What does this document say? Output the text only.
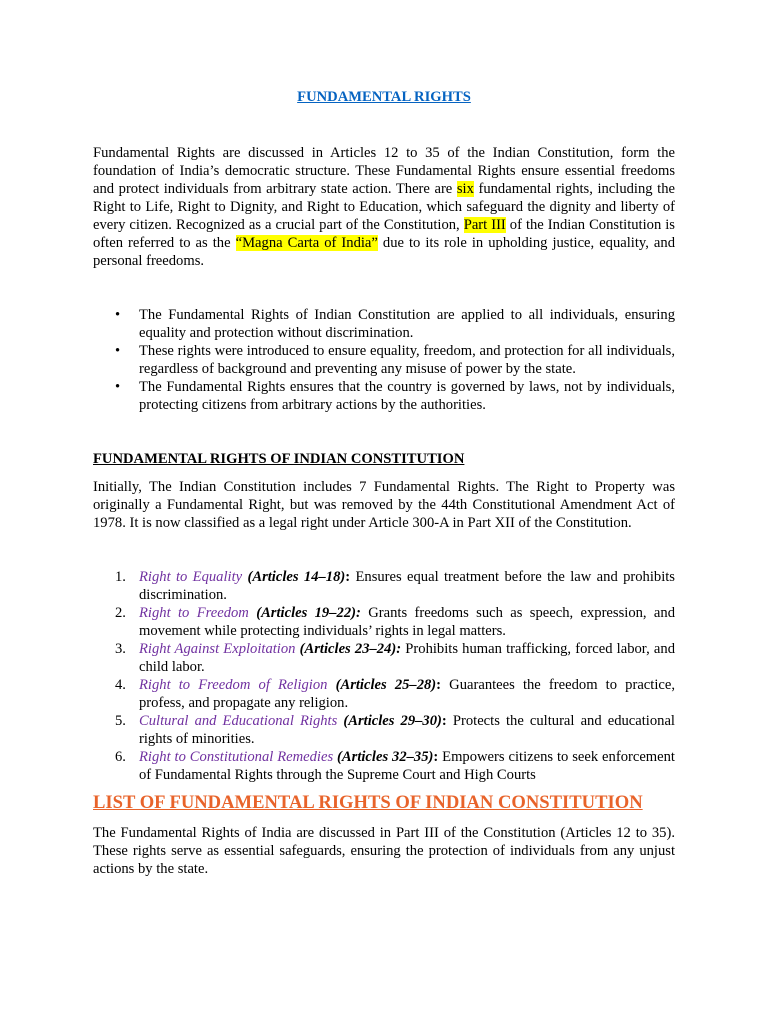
FUNDAMENTAL RIGHTS

Fundamental Rights are discussed in Articles 12 to 35 of the Indian Constitution, form the foundation of India’s democratic structure. These Fundamental Rights ensure essential freedoms and protect individuals from arbitrary state action. There are six fundamental rights, including the Right to Life, Right to Dignity, and Right to Education, which safeguard the dignity and liberty of every citizen. Recognized as a crucial part of the Constitution, Part III of the Indian Constitution is often referred to as the “Magna Carta of India” due to its role in upholding justice, equality, and personal freedoms.

• The Fundamental Rights of Indian Constitution are applied to all individuals, ensuring equality and protection without discrimination.
• These rights were introduced to ensure equality, freedom, and protection for all individuals, regardless of background and preventing any misuse of power by the state.
• The Fundamental Rights ensures that the country is governed by laws, not by individuals, protecting citizens from arbitrary actions by the authorities.
FUNDAMENTAL RIGHTS OF INDIAN CONSTITUTION

Initially, The Indian Constitution includes 7 Fundamental Rights. The Right to Property was originally a Fundamental Right, but was removed by the 44th Constitutional Amendment Act of 1978. It is now classified as a legal right under Article 300-A in Part XII of the Constitution.

1. Right to Equality (Articles 14–18): Ensures equal treatment before the law and prohibits discrimination.
2. Right to Freedom (Articles 19–22): Grants freedoms such as speech, expression, and movement while protecting individuals’ rights in legal matters.
3. Right Against Exploitation (Articles 23–24): Prohibits human trafficking, forced labor, and child labor.
4. Right to Freedom of Religion (Articles 25–28): Guarantees the freedom to practice, profess, and propagate any religion.
5. Cultural and Educational Rights (Articles 29–30): Protects the cultural and educational rights of minorities.
6. Right to Constitutional Remedies (Articles 32–35): Empowers citizens to seek enforcement of Fundamental Rights through the Supreme Court and High Courts
LIST OF FUNDAMENTAL RIGHTS OF INDIAN CONSTITUTION

The Fundamental Rights of India are discussed in Part III of the Constitution (Articles 12 to 35). These rights serve as essential safeguards, ensuring the protection of individuals from any unjust actions by the state.
